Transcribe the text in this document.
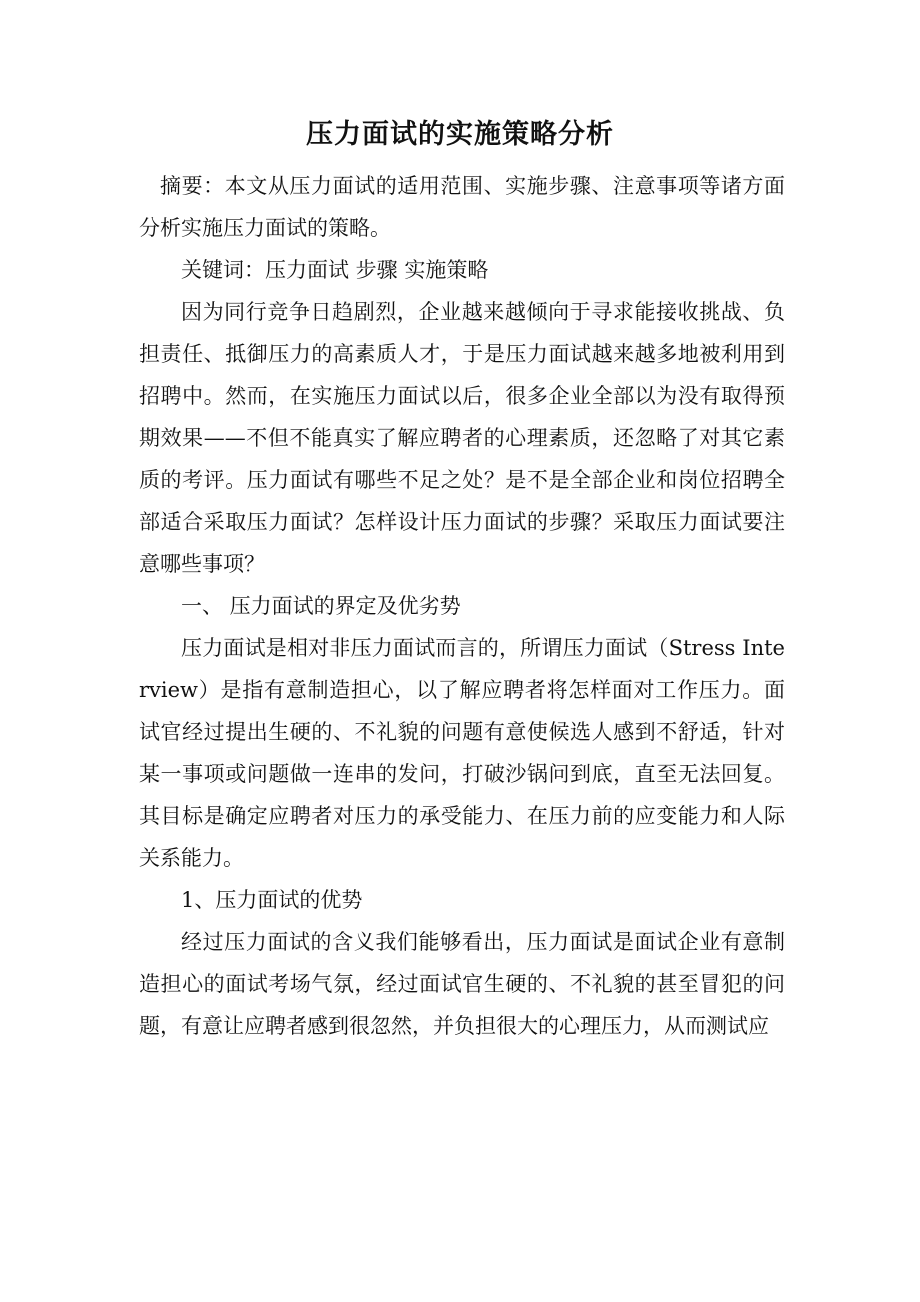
压力面试的实施策略分析

摘要：本文从压力面试的适用范围、实施步骤、注意事项等诸方面分析实施压力面试的策略。

关键词：压力面试 步骤 实施策略

因为同行竞争日趋剧烈，企业越来越倾向于寻求能接收挑战、负担责任、抵御压力的高素质人才，于是压力面试越来越多地被利用到招聘中。然而，在实施压力面试以后，很多企业全部以为没有取得预期效果——不但不能真实了解应聘者的心理素质，还忽略了对其它素质的考评。压力面试有哪些不足之处？是不是全部企业和岗位招聘全部适合采取压力面试？怎样设计压力面试的步骤？采取压力面试要注意哪些事项？

一、 压力面试的界定及优劣势

压力面试是相对非压力面试而言的，所谓压力面试（Stress Interview）是指有意制造担心，以了解应聘者将怎样面对工作压力。面试官经过提出生硬的、不礼貌的问题有意使候选人感到不舒适，针对某一事项或问题做一连串的发问，打破沙锅问到底，直至无法回复。其目标是确定应聘者对压力的承受能力、在压力前的应变能力和人际关系能力。

1、压力面试的优势

经过压力面试的含义我们能够看出，压力面试是面试企业有意制造担心的面试考场气氛，经过面试官生硬的、不礼貌的甚至冒犯的问题，有意让应聘者感到很忽然，并负担很大的心理压力，从而测试应
